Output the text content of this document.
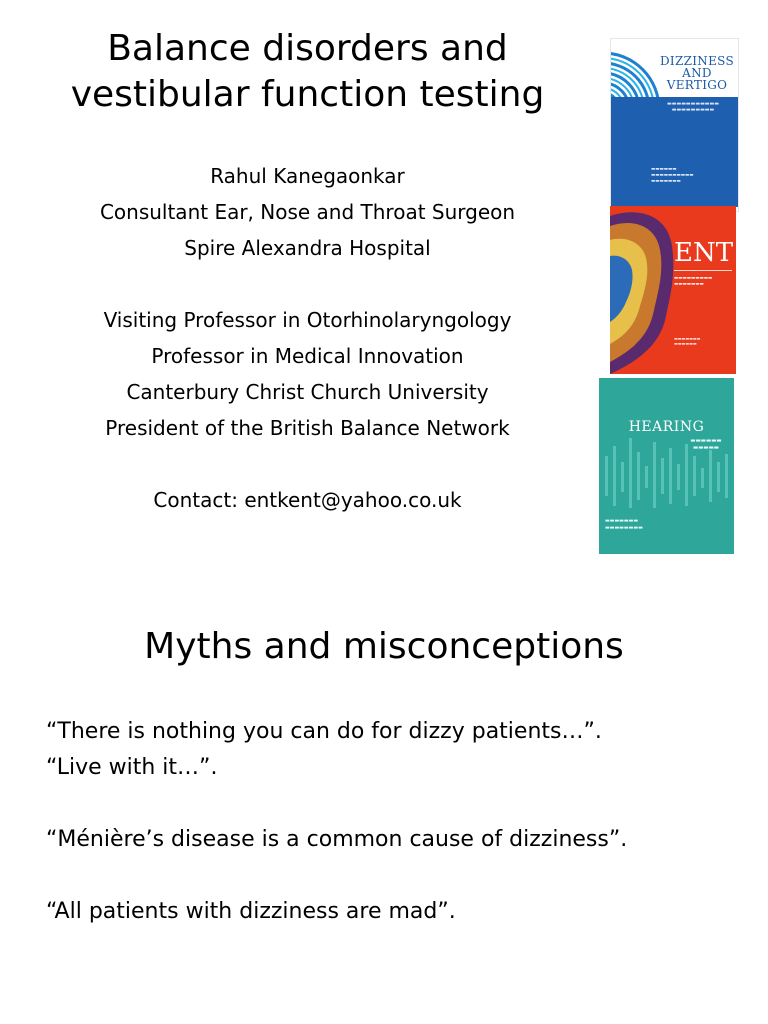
Balance disorders and
vestibular function testing
Rahul Kanegaonkar
Consultant Ear, Nose and Throat Surgeon
Spire Alexandra Hospital
Visiting Professor in Otorhinolaryngology
Professor in Medical Innovation
Canterbury Christ Church University
President of the British Balance Network
Contact: entkent@yahoo.co.uk
DIZZINESS
AND
VERTIGO
▬▬▬▬▬▬▬▬▬▬▬
▬▬▬▬▬▬▬▬▬
▬▬▬▬▬▬
▬▬▬▬▬▬▬▬▬▬
▬▬▬▬▬▬▬
ENT
▬▬▬▬▬▬▬▬▬
▬▬▬▬▬▬▬
▬▬▬▬▬▬▬
▬▬▬▬▬▬
HEARING
▬▬▬▬▬▬
▬▬▬▬▬
▬▬▬▬▬▬▬
▬▬▬▬▬▬▬▬
Myths and misconceptions
“There is nothing you can do for dizzy patients…”.
“Live with it…”.
“Ménière’s disease is a common cause of dizziness”.
“All patients with dizziness are mad”.
